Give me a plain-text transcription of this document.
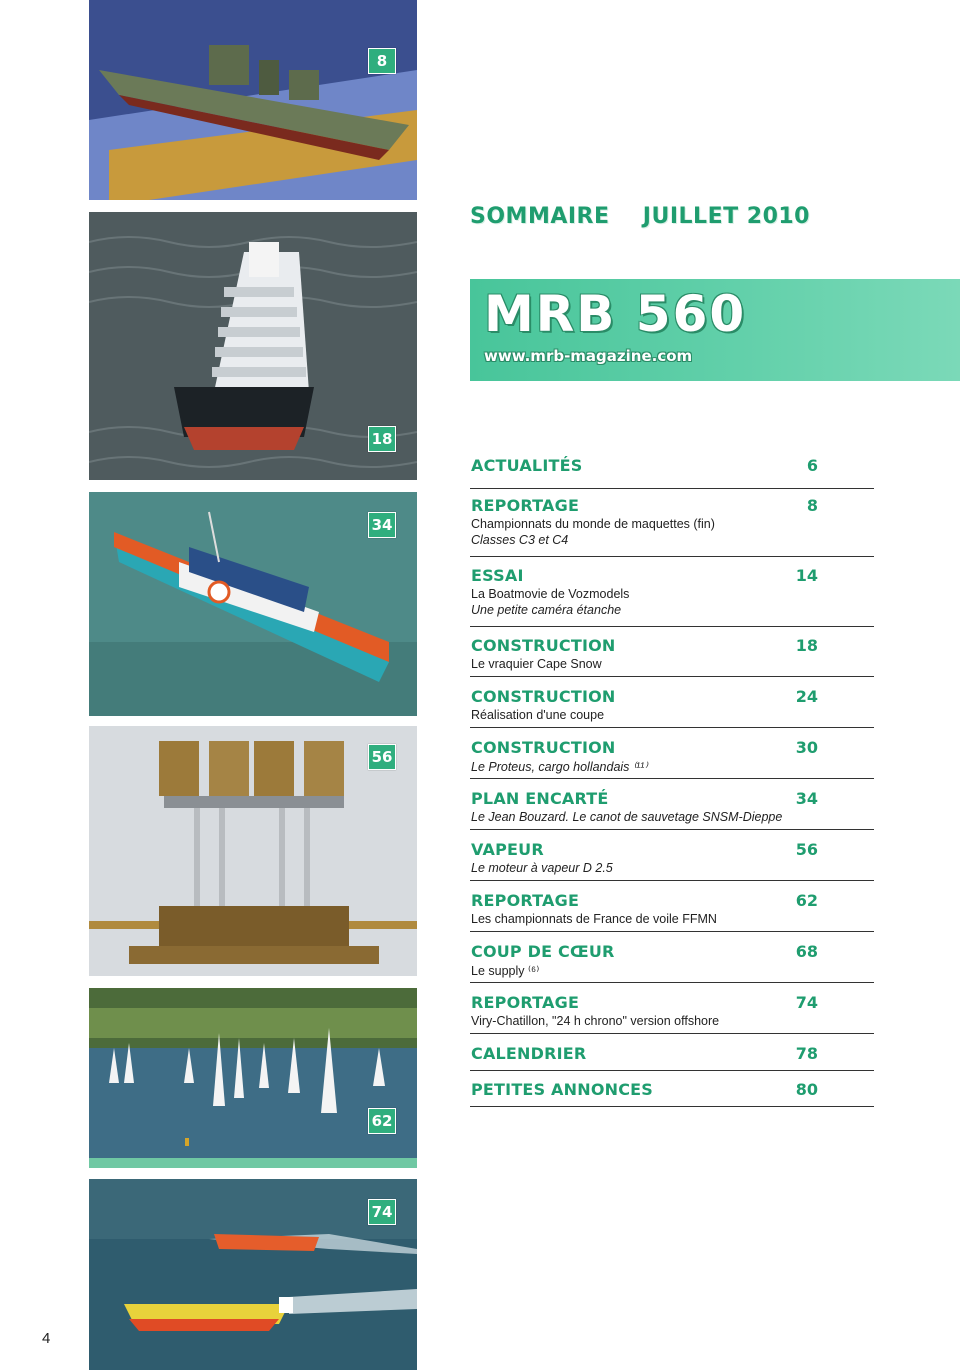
8
18
34
56
62
74
4
SOMMAIRE JUILLET 2010
MRB 560
www.mrb-magazine.com
ACTUALITÉS	6
REPORTAGE	8
Championnats du monde de maquettes (fin)
Classes C3 et C4
ESSAI	14
La Boatmovie de Vozmodels
Une petite caméra étanche
CONSTRUCTION	18
Le vraquier Cape Snow
CONSTRUCTION	24
Réalisation d'une coupe
CONSTRUCTION	30
Le Proteus, cargo hollandais ⁽¹¹⁾
PLAN ENCARTÉ	34
Le Jean Bouzard. Le canot de sauvetage SNSM-Dieppe
VAPEUR	56
Le moteur à vapeur D 2.5
REPORTAGE	62
Les championnats de France de voile FFMN
COUP DE CŒUR	68
Le supply ⁽⁶⁾
REPORTAGE	74
Viry-Chatillon, "24 h chrono" version offshore
CALENDRIER	78
PETITES ANNONCES	80
